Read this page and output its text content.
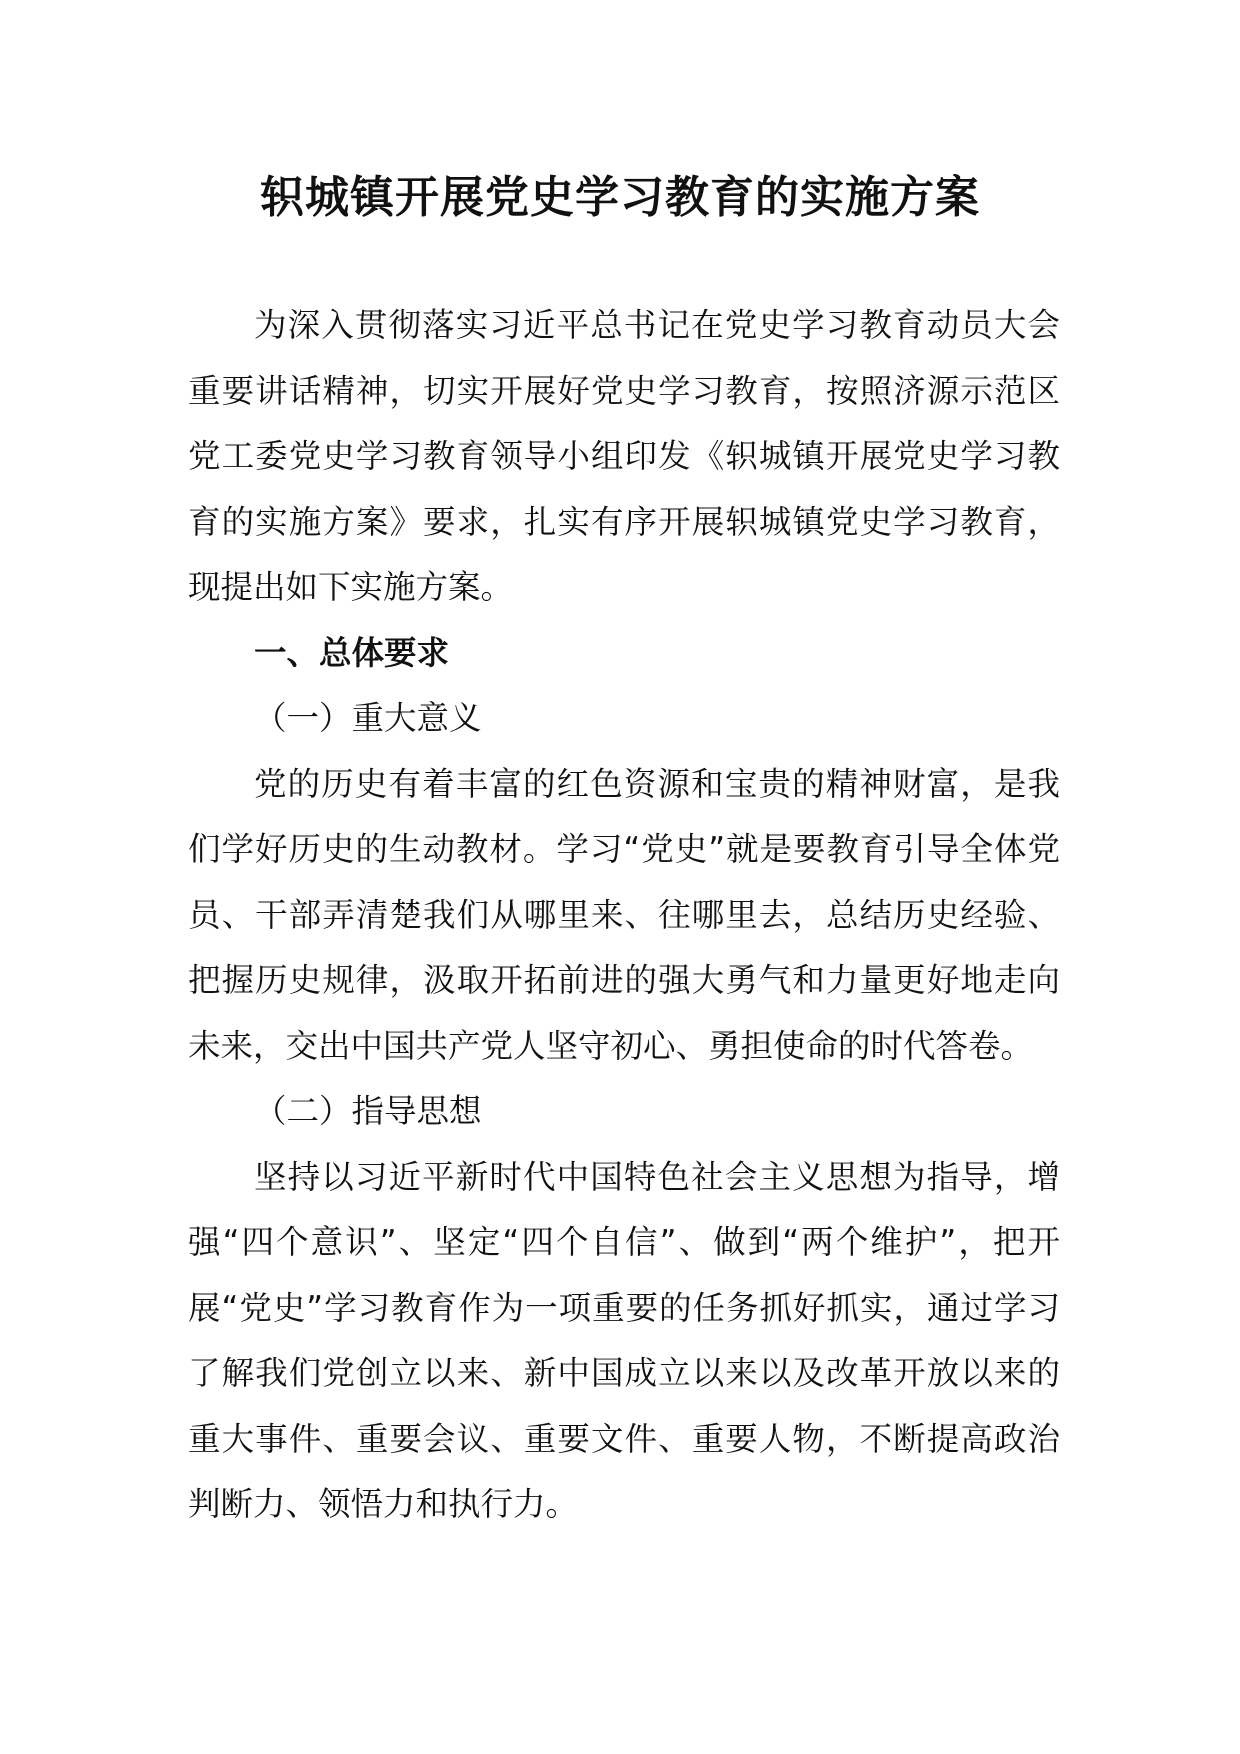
轵城镇开展党史学习教育的实施方案

为深入贯彻落实习近平总书记在党史学习教育动员大会重要讲话精神，切实开展好党史学习教育，按照济源示范区党工委党史学习教育领导小组印发《轵城镇开展党史学习教育的实施方案》要求，扎实有序开展轵城镇党史学习教育，现提出如下实施方案。

一、总体要求

（一）重大意义

党的历史有着丰富的红色资源和宝贵的精神财富，是我们学好历史的生动教材。学习“党史”就是要教育引导全体党员、干部弄清楚我们从哪里来、往哪里去，总结历史经验、把握历史规律，汲取开拓前进的强大勇气和力量更好地走向未来，交出中国共产党人坚守初心、勇担使命的时代答卷。

（二）指导思想

坚持以习近平新时代中国特色社会主义思想为指导，增强“四个意识”、坚定“四个自信”、做到“两个维护”，把开展“党史”学习教育作为一项重要的任务抓好抓实，通过学习了解我们党创立以来、新中国成立以来以及改革开放以来的重大事件、重要会议、重要文件、重要人物，不断提高政治判断力、领悟力和执行力。
